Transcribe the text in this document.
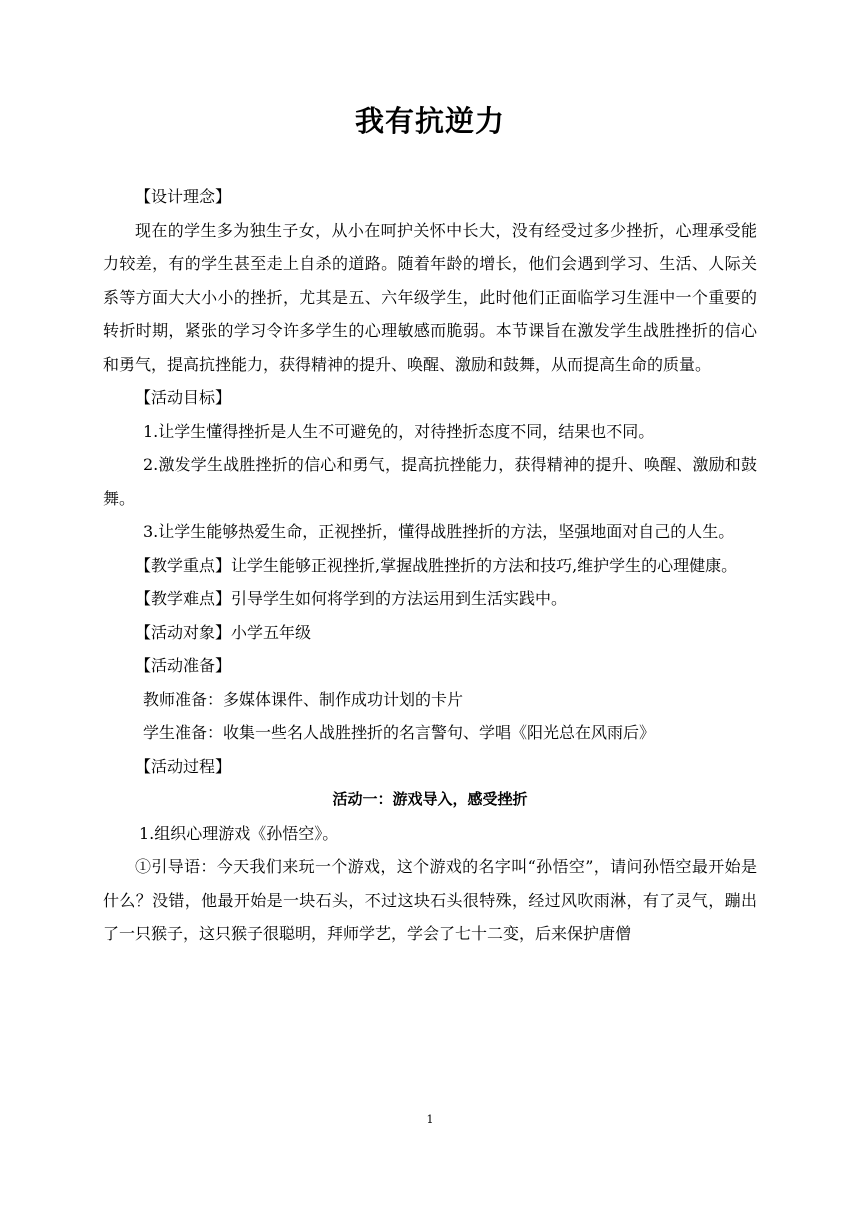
我有抗逆力

【设计理念】

现在的学生多为独生子女，从小在呵护关怀中长大，没有经受过多少挫折，心理承受能力较差，有的学生甚至走上自杀的道路。随着年龄的增长，他们会遇到学习、生活、人际关系等方面大大小小的挫折，尤其是五、六年级学生，此时他们正面临学习生涯中一个重要的转折时期，紧张的学习令许多学生的心理敏感而脆弱。本节课旨在激发学生战胜挫折的信心和勇气，提高抗挫能力，获得精神的提升、唤醒、激励和鼓舞，从而提高生命的质量。

【活动目标】

1.让学生懂得挫折是人生不可避免的，对待挫折态度不同，结果也不同。

2.激发学生战胜挫折的信心和勇气，提高抗挫能力，获得精神的提升、唤醒、激励和鼓舞。

3.让学生能够热爱生命，正视挫折，懂得战胜挫折的方法，坚强地面对自己的人生。

【教学重点】让学生能够正视挫折,掌握战胜挫折的方法和技巧,维护学生的心理健康。

【教学难点】引导学生如何将学到的方法运用到生活实践中。

【活动对象】小学五年级

【活动准备】

教师准备：多媒体课件、制作成功计划的卡片

学生准备：收集一些名人战胜挫折的名言警句、学唱《阳光总在风雨后》

【活动过程】

活动一：游戏导入，感受挫折

1.组织心理游戏《孙悟空》。

①引导语：今天我们来玩一个游戏，这个游戏的名字叫“孙悟空”，请问孙悟空最开始是什么？没错，他最开始是一块石头，不过这块石头很特殊，经过风吹雨淋，有了灵气，蹦出了一只猴子，这只猴子很聪明，拜师学艺，学会了七十二变，后来保护唐僧

1
